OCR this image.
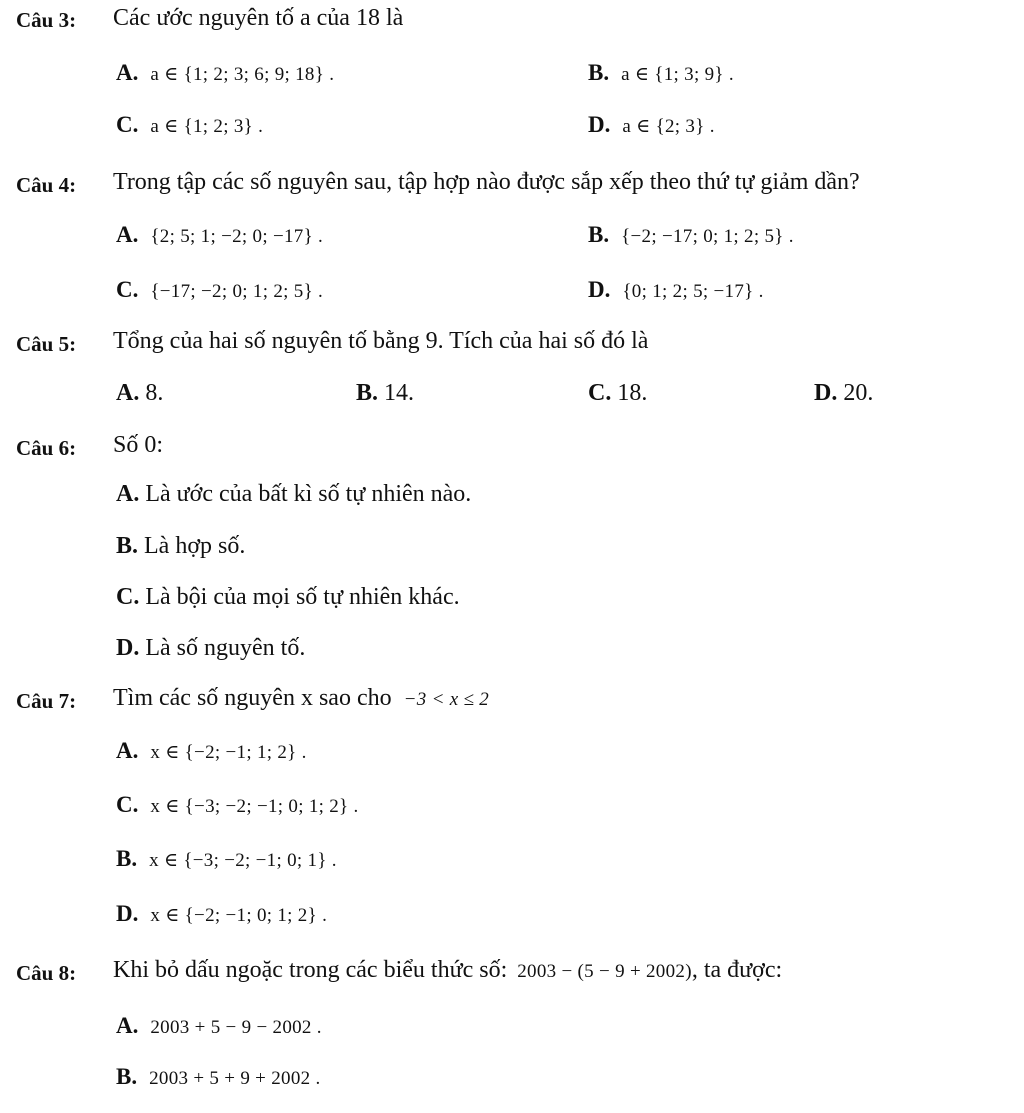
Câu 3: Các ước nguyên tố a của 18 là
A. a ∈ {1; 2; 3; 6; 9; 18} .	B. a ∈ {1; 3; 9} .
C. a ∈ {1; 2; 3} .	D. a ∈ {2; 3} .
Câu 4: Trong tập các số nguyên sau, tập hợp nào được sắp xếp theo thứ tự giảm dần?
A. {2; 5; 1; −2; 0; −17} .	B. {−2; −17; 0; 1; 2; 5} .
C. {−17; −2; 0; 1; 2; 5} .	D. {0; 1; 2; 5; −17} .
Câu 5: Tổng của hai số nguyên tố bằng 9. Tích của hai số đó là
A. 8.	B. 14.	C. 18.	D. 20.
Câu 6: Số 0:
A. Là ước của bất kì số tự nhiên nào.
B. Là hợp số.
C. Là bội của mọi số tự nhiên khác.
D. Là số nguyên tố.
Câu 7: Tìm các số nguyên x sao cho −3 < x ≤ 2
A. x ∈ {−2; −1; 1; 2} .
C. x ∈ {−3; −2; −1; 0; 1; 2} .
B. x ∈ {−3; −2; −1; 0; 1} .
D. x ∈ {−2; −1; 0; 1; 2} .
Câu 8: Khi bỏ dấu ngoặc trong các biểu thức số: 2003 − (5 − 9 + 2002), ta được:
A. 2003 + 5 − 9 − 2002 .
B. 2003 + 5 + 9 + 2002 .
